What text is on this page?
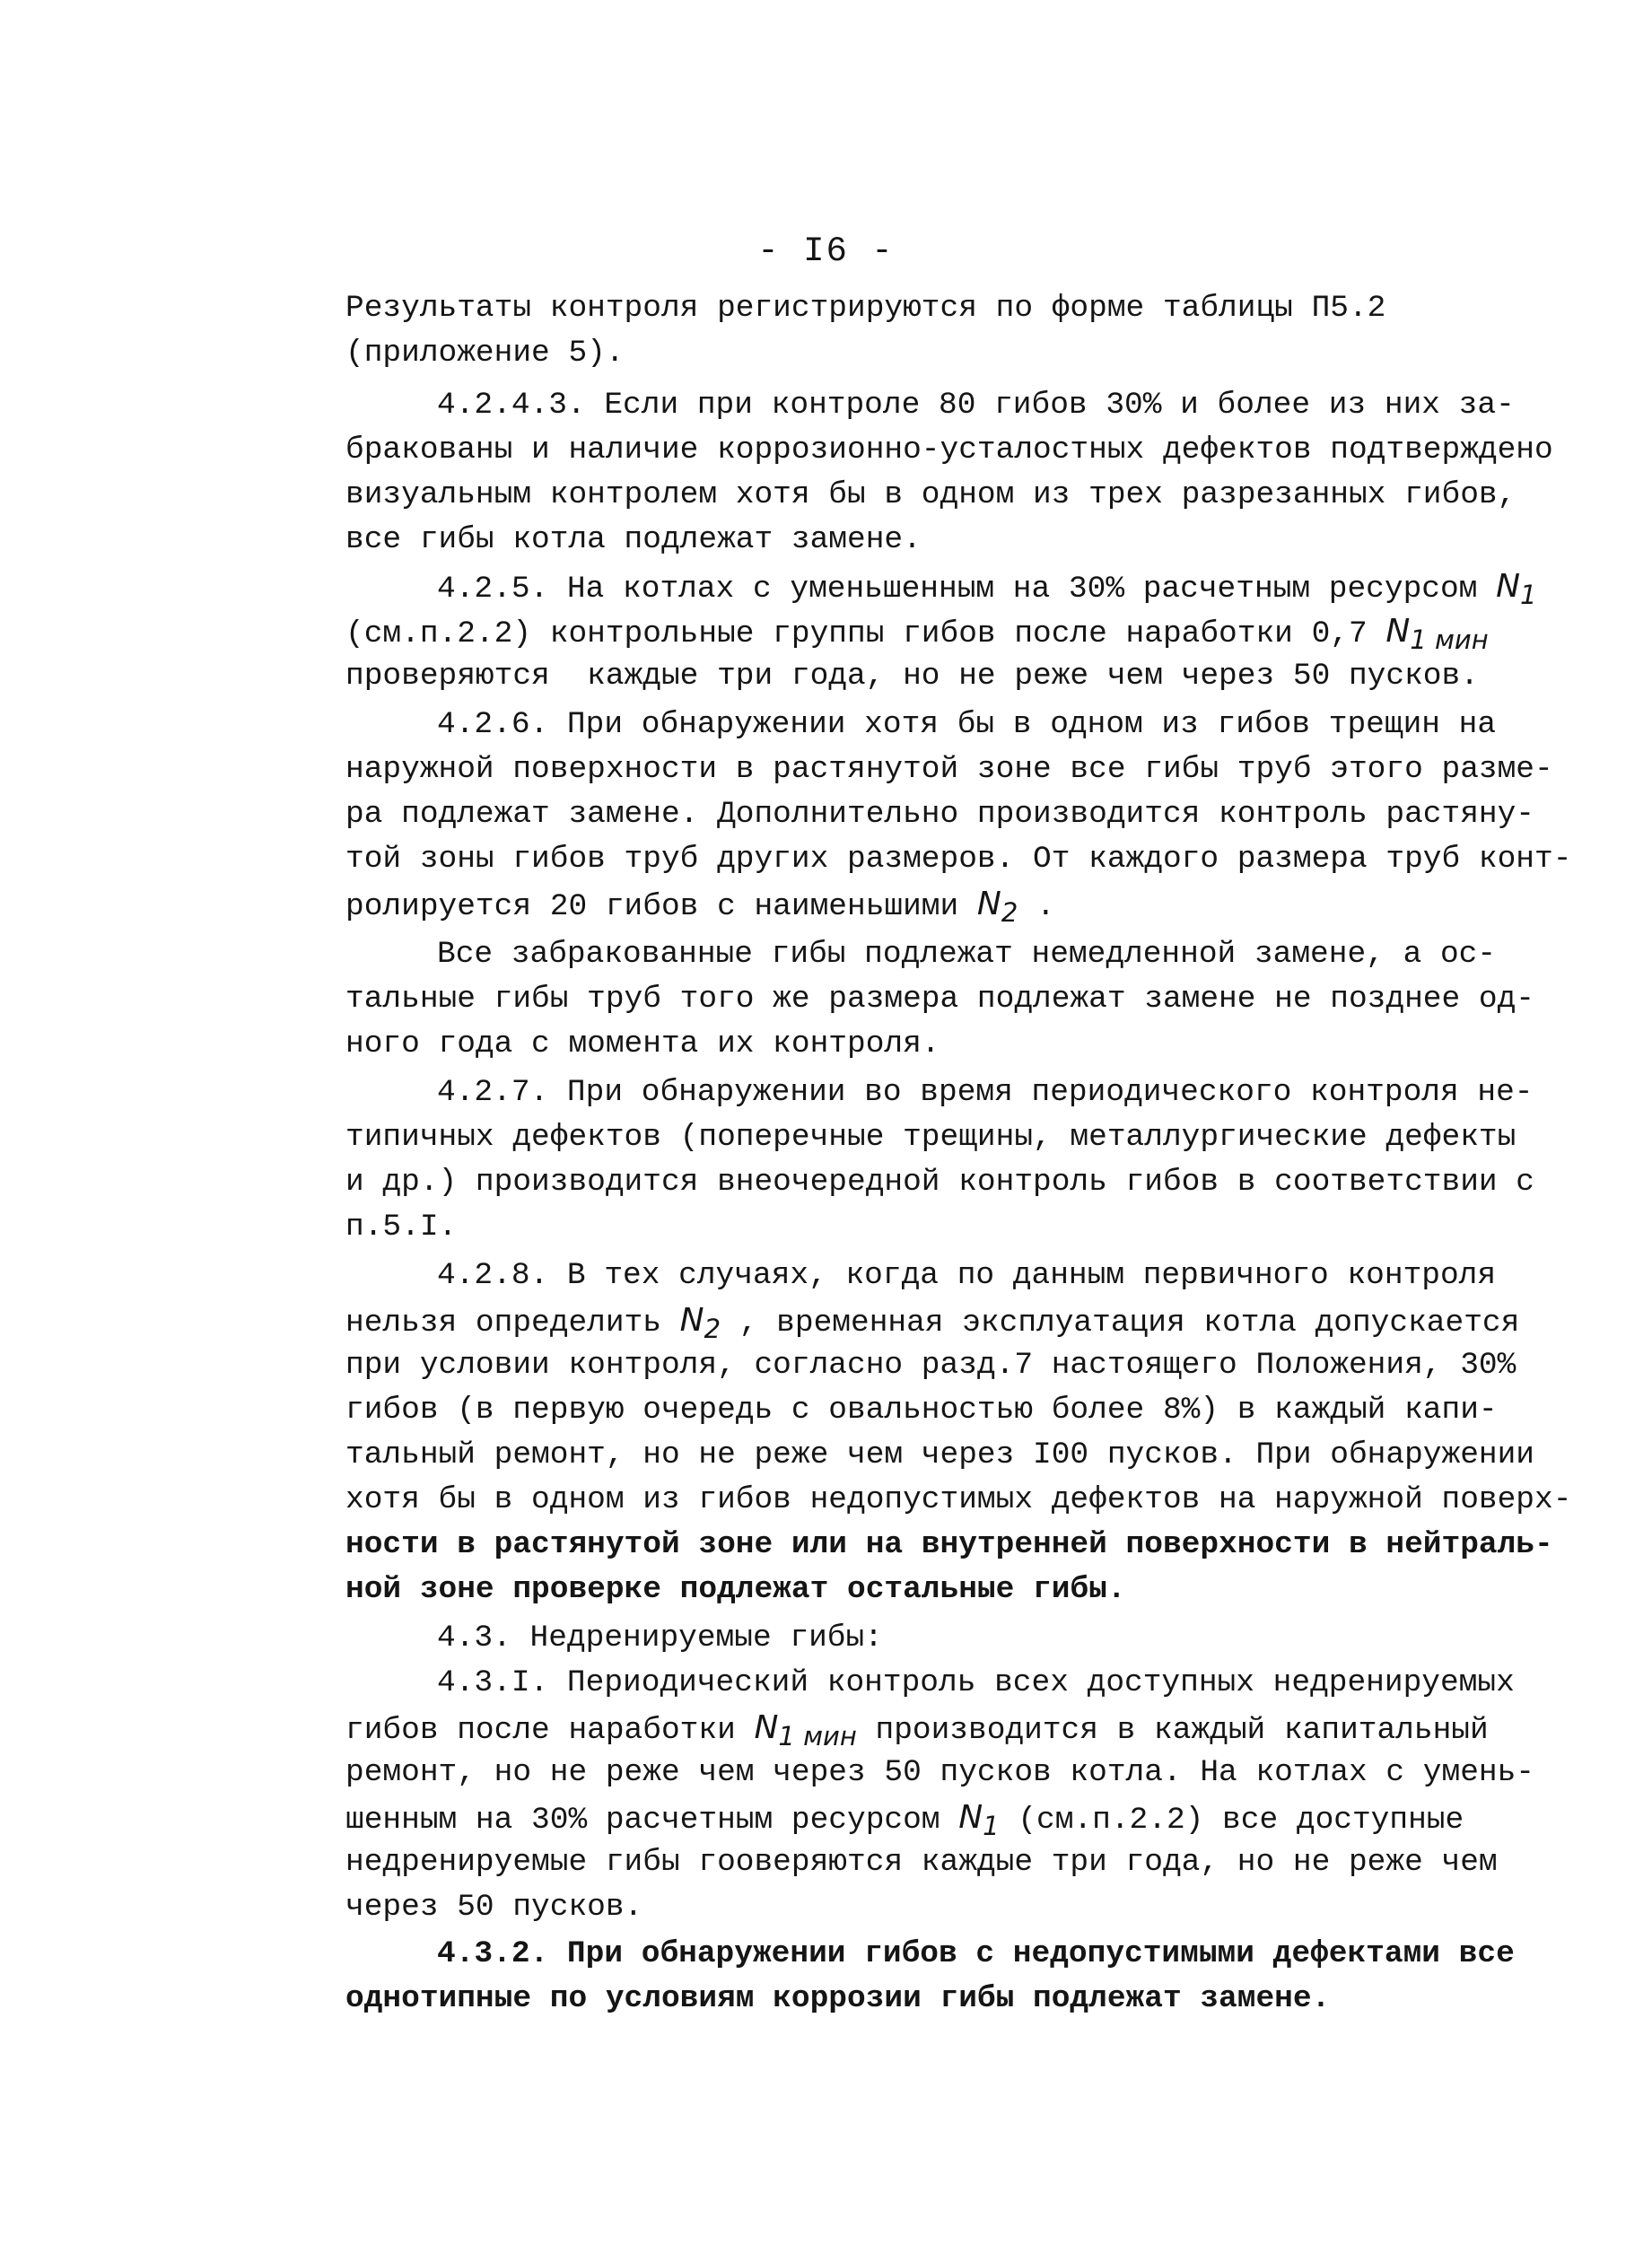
- I6 -
Результаты контроля регистрируются по форме таблицы П5.2
(приложение 5).
4.2.4.3. Если при контроле 80 гибов 30% и более из них за-
бракованы и наличие коррозионно-усталостных дефектов подтверждено
визуальным контролем хотя бы в одном из трех разрезанных гибов,
все гибы котла подлежат замене.
4.2.5. На котлах с уменьшенным на 30% расчетным ресурсом $N_1$
(см.п.2.2) контрольные группы гибов после наработки 0,7 $N_{1 мин}$
проверяются  каждые три года, но не реже чем через 50 пусков.
4.2.6. При обнаружении хотя бы в одном из гибов трещин на
наружной поверхности в растянутой зоне все гибы труб этого разме-
ра подлежат замене. Дополнительно производится контроль растяну-
той зоны гибов труб других размеров. От каждого размера труб конт-
ролируется 20 гибов с наименьшими $N_2$ .
Все забракованные гибы подлежат немедленной замене, а ос-
тальные гибы труб того же размера подлежат замене не позднее од-
ного года с момента их контроля.
4.2.7. При обнаружении во время периодического контроля не-
типичных дефектов (поперечные трещины, металлургические дефекты
и др.) производится внеочередной контроль гибов в соответствии с
п.5.I.
4.2.8. В тех случаях, когда по данным первичного контроля
нельзя определить $N_2$ , временная эксплуатация котла допускается
при условии контроля, согласно разд.7 настоящего Положения, 30%
гибов (в первую очередь с овальностью более 8%) в каждый капи-
тальный ремонт, но не реже чем через I00 пусков. При обнаружении
хотя бы в одном из гибов недопустимых дефектов на наружной поверх-
ности в растянутой зоне или на внутренней поверхности в нейтраль-
ной зоне проверке подлежат остальные гибы.
4.3. Недренируемые гибы:
4.3.I. Периодический контроль всех доступных недренируемых
гибов после наработки $N_{1 мин}$ производится в каждый капитальный
ремонт, но не реже чем через 50 пусков котла. На котлах с умень-
шенным на 30% расчетным ресурсом $N_1$ (см.п.2.2) все доступные
недренируемые гибы гооверяются каждые три года, но не реже чем
через 50 пусков.
4.3.2. При обнаружении гибов с недопустимыми дефектами все
однотипные по условиям коррозии гибы подлежат замене.
